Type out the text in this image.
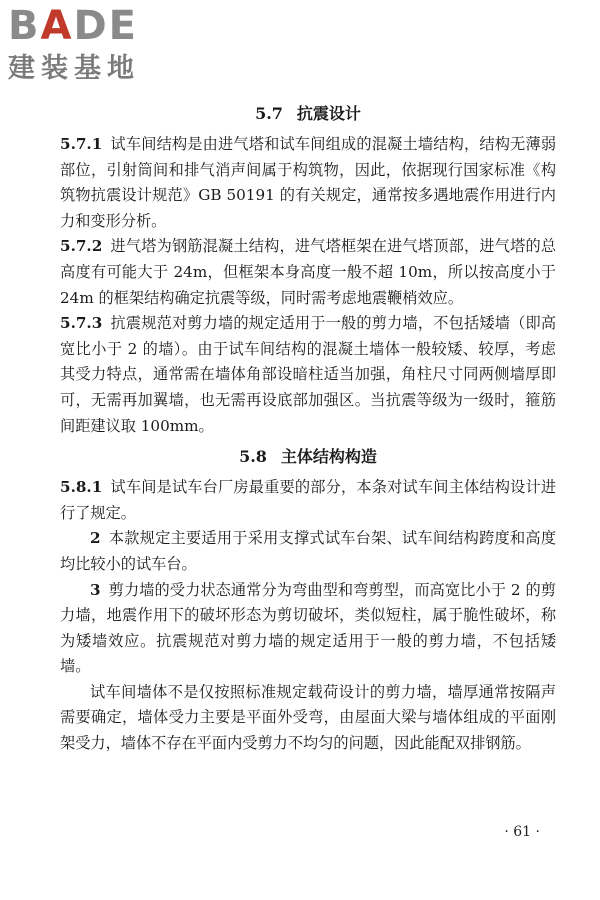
BADE
建装基地
5.7 抗震设计

5.7.1 试车间结构是由进气塔和试车间组成的混凝土墙结构，结构无薄弱部位，引射筒间和排气消声间属于构筑物，因此，依据现行国家标准《构筑物抗震设计规范》GB 50191 的有关规定，通常按多遇地震作用进行内力和变形分析。

5.7.2 进气塔为钢筋混凝土结构，进气塔框架在进气塔顶部，进气塔的总高度有可能大于 24m，但框架本身高度一般不超 10m，所以按高度小于 24m 的框架结构确定抗震等级，同时需考虑地震鞭梢效应。

5.7.3 抗震规范对剪力墙的规定适用于一般的剪力墙，不包括矮墙（即高宽比小于 2 的墙）。由于试车间结构的混凝土墙体一般较矮、较厚，考虑其受力特点，通常需在墙体角部设暗柱适当加强，角柱尺寸同两侧墙厚即可，无需再加翼墙，也无需再设底部加强区。当抗震等级为一级时，箍筋间距建议取 100mm。

5.8 主体结构构造

5.8.1 试车间是试车台厂房最重要的部分，本条对试车间主体结构设计进行了规定。

2 本款规定主要适用于采用支撑式试车台架、试车间结构跨度和高度均比较小的试车台。

3 剪力墙的受力状态通常分为弯曲型和弯剪型，而高宽比小于 2 的剪力墙，地震作用下的破坏形态为剪切破坏，类似短柱，属于脆性破坏，称为矮墙效应。抗震规范对剪力墙的规定适用于一般的剪力墙，不包括矮墙。

试车间墙体不是仅按照标准规定载荷设计的剪力墙，墙厚通常按隔声需要确定，墙体受力主要是平面外受弯，由屋面大梁与墙体组成的平面刚架受力，墙体不存在平面内受剪力不均匀的问题，因此能配双排钢筋。

· 61 ·
